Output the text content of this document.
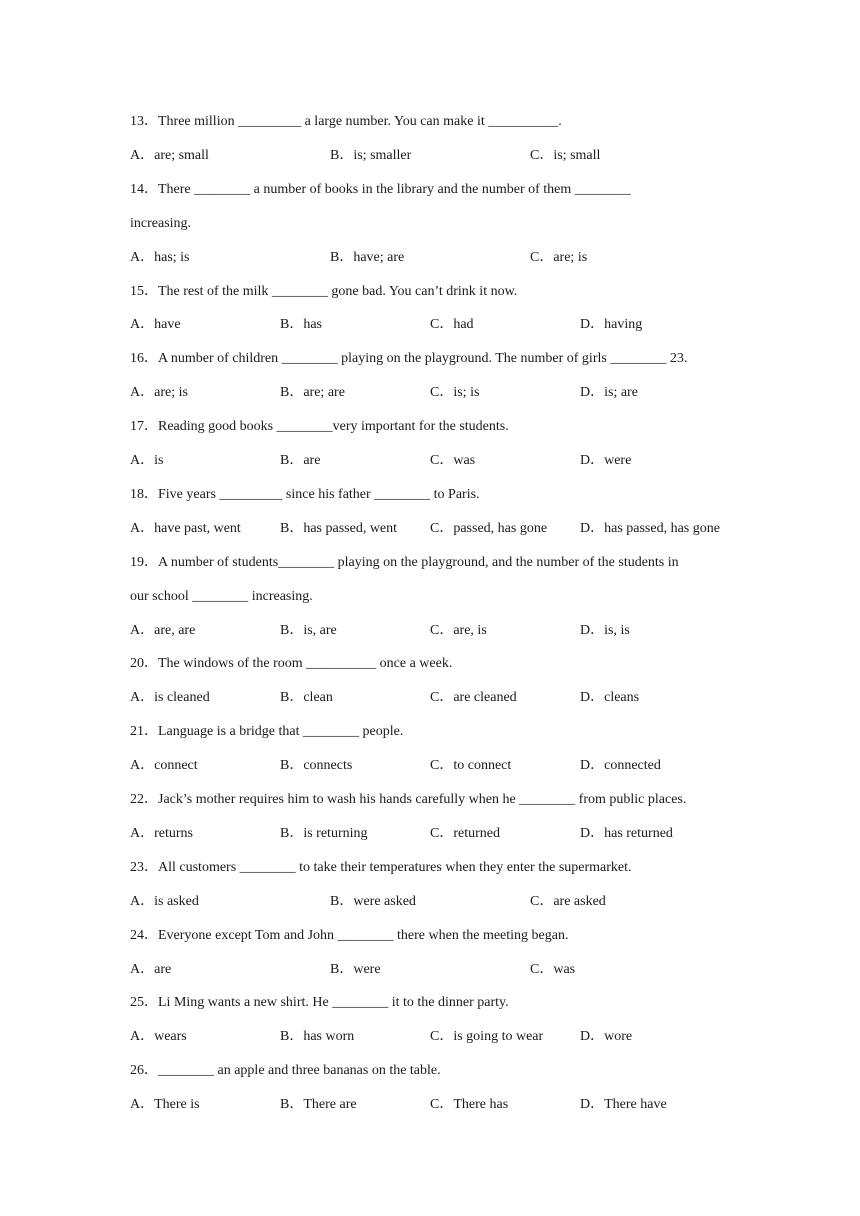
13．Three million _________ a large number. You can make it __________.
A．are; small	B．is; smaller	C．is; small
14．There ________ a number of books in the library and the number of them ________
increasing.
A．has; is	B．have; are	C．are; is
15．The rest of the milk ________ gone bad. You can’t drink it now.
A．have	B．has	C．had	D．having
16．A number of children ________ playing on the playground. The number of girls ________ 23.
A．are; is	B．are; are	C．is; is	D．is; are
17．Reading good books ________very important for the students.
A．is	B．are	C．was	D．were
18．Five years _________ since his father ________ to Paris.
A．have past, went	B．has passed, went C．passed, has gone D．has passed, has gone
19．A number of students________ playing on the playground, and the number of the students in
our school ________ increasing.
A．are, are	B．is, are	C．are, is	D．is, is
20．The windows of the room __________ once a week.
A．is cleaned	B．clean	C．are cleaned	D．cleans
21．Language is a bridge that ________ people.
A．connect	B．connects	C．to connect	D．connected
22．Jack’s mother requires him to wash his hands carefully when he ________ from public places.
A．returns	B．is returning	C．returned	D．has returned
23．All customers ________ to take their temperatures when they enter the supermarket.
A．is asked	B．were asked	C．are asked
24．Everyone except Tom and John ________ there when the meeting began.
A．are	B．were	C．was
25．Li Ming wants a new shirt. He ________ it to the dinner party.
A．wears	B．has worn	C．is going to wear	D．wore
26．________ an apple and three bananas on the table.
A．There is	B．There are	C．There has	D．There have
